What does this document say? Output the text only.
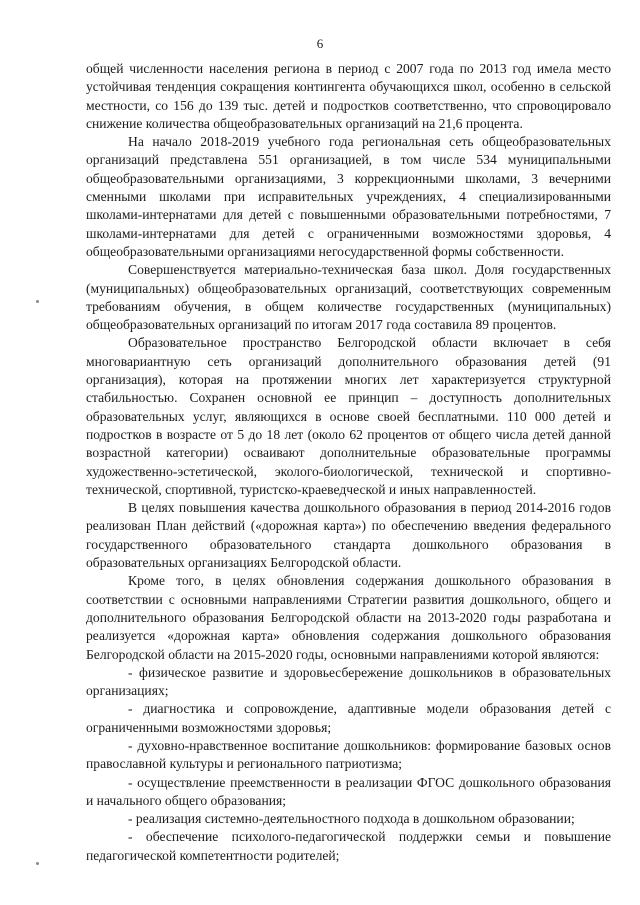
6

общей численности населения региона в период с 2007 года по 2013 год имела место устойчивая тенденция сокращения контингента обучающихся школ, особенно в сельской местности, со 156 до 139 тыс. детей и подростков соответственно, что спровоцировало снижение количества общеобразовательных организаций на 21,6 процента.

На начало 2018-2019 учебного года региональная сеть общеобразовательных организаций представлена 551 организацией, в том числе 534 муниципальными общеобразовательными организациями, 3 коррекционными школами, 3 вечерними сменными школами при исправительных учреждениях, 4 специализированными школами-интернатами для детей с повышенными образовательными потребностями, 7 школами-интернатами для детей с ограниченными возможностями здоровья, 4 общеобразовательными организациями негосударственной формы собственности.

Совершенствуется материально-техническая база школ. Доля государственных (муниципальных) общеобразовательных организаций, соответствующих современным требованиям обучения, в общем количестве государственных (муниципальных) общеобразовательных организаций по итогам 2017 года составила 89 процентов.

Образовательное пространство Белгородской области включает в себя многовариантную сеть организаций дополнительного образования детей (91 организация), которая на протяжении многих лет характеризуется структурной стабильностью. Сохранен основной ее принцип – доступность дополнительных образовательных услуг, являющихся в основе своей бесплатными. 110 000 детей и подростков в возрасте от 5 до 18 лет (около 62 процентов от общего числа детей данной возрастной категории) осваивают дополнительные образовательные программы художественно-эстетической, эколого-биологической, технической и спортивно-технической, спортивной, туристско-краеведческой и иных направленностей.

В целях повышения качества дошкольного образования в период 2014-2016 годов реализован План действий («дорожная карта») по обеспечению введения федерального государственного образовательного стандарта дошкольного образования в образовательных организациях Белгородской области.

Кроме того, в целях обновления содержания дошкольного образования в соответствии с основными направлениями Стратегии развития дошкольного, общего и дополнительного образования Белгородской области на 2013-2020 годы разработана и реализуется «дорожная карта» обновления содержания дошкольного образования Белгородской области на 2015-2020 годы, основными направлениями которой являются:

- физическое развитие и здоровьесбережение дошкольников в образовательных организациях;

- диагностика и сопровождение, адаптивные модели образования детей с ограниченными возможностями здоровья;

- духовно-нравственное воспитание дошкольников: формирование базовых основ православной культуры и регионального патриотизма;

- осуществление преемственности в реализации ФГОС дошкольного образования и начального общего образования;

- реализация системно-деятельностного подхода в дошкольном образовании;

- обеспечение психолого-педагогической поддержки семьи и повышение педагогической компетентности родителей;
